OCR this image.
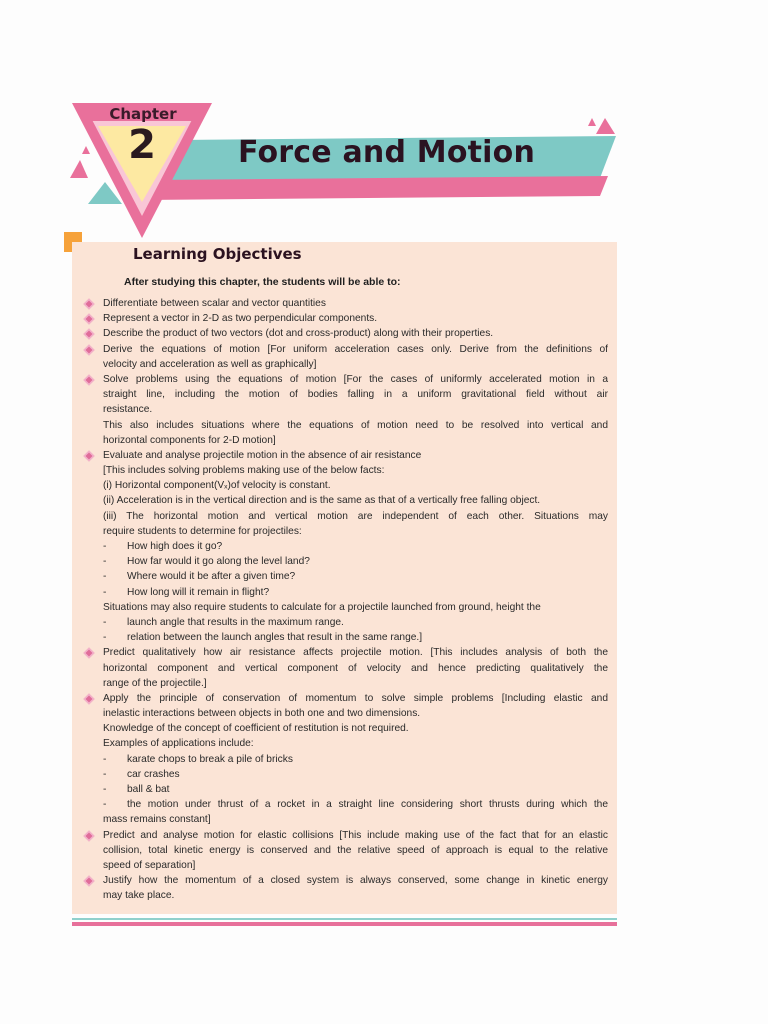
Chapter
2	Force and Motion
Learning Objectives
After studying this chapter, the students will be able to:
Differentiate between scalar and vector quantities
Represent a vector in 2-D as two perpendicular components.
Describe the product of two vectors (dot and cross-product) along with their properties.
Derive the equations of motion [For uniform acceleration cases only. Derive from the definitions of
velocity and acceleration as well as graphically]
Solve problems using the equations of motion [For the cases of uniformly accelerated motion in a
straight line, including the motion of bodies falling in a uniform gravitational field without air
resistance.
This also includes situations where the equations of motion need to be resolved into vertical and
horizontal components for 2-D motion]
Evaluate and analyse projectile motion in the absence of air resistance
[This includes solving problems making use of the below facts:
(i) Horizontal component(Vₓ)of velocity is constant.
(ii) Acceleration is in the vertical direction and is the same as that of a vertically free falling object.
(iii) The horizontal motion and vertical motion are independent of each other. Situations may
require students to determine for projectiles:
-	How high does it go?
-	How far would it go along the level land?
-	Where would it be after a given time?
-	How long will it remain in flight?
Situations may also require students to calculate for a projectile launched from ground, height the
-	launch angle that results in the maximum range.
-	relation between the launch angles that result in the same range.]
Predict qualitatively how air resistance affects projectile motion. [This includes analysis of both the
horizontal component and vertical component of velocity and hence predicting qualitatively the
range of the projectile.]
Apply the principle of conservation of momentum to solve simple problems [Including elastic and
inelastic interactions between objects in both one and two dimensions.
Knowledge of the concept of coefficient of restitution is not required.
Examples of applications include:
-	karate chops to break a pile of bricks
-	car crashes
-	ball & bat
-	the motion under thrust of a rocket in a straight line considering short thrusts during which the
mass remains constant]
Predict and analyse motion for elastic collisions [This include making use of the fact that for an elastic
collision, total kinetic energy is conserved and the relative speed of approach is equal to the relative
speed of separation]
Justify how the momentum of a closed system is always conserved, some change in kinetic energy
may take place.
